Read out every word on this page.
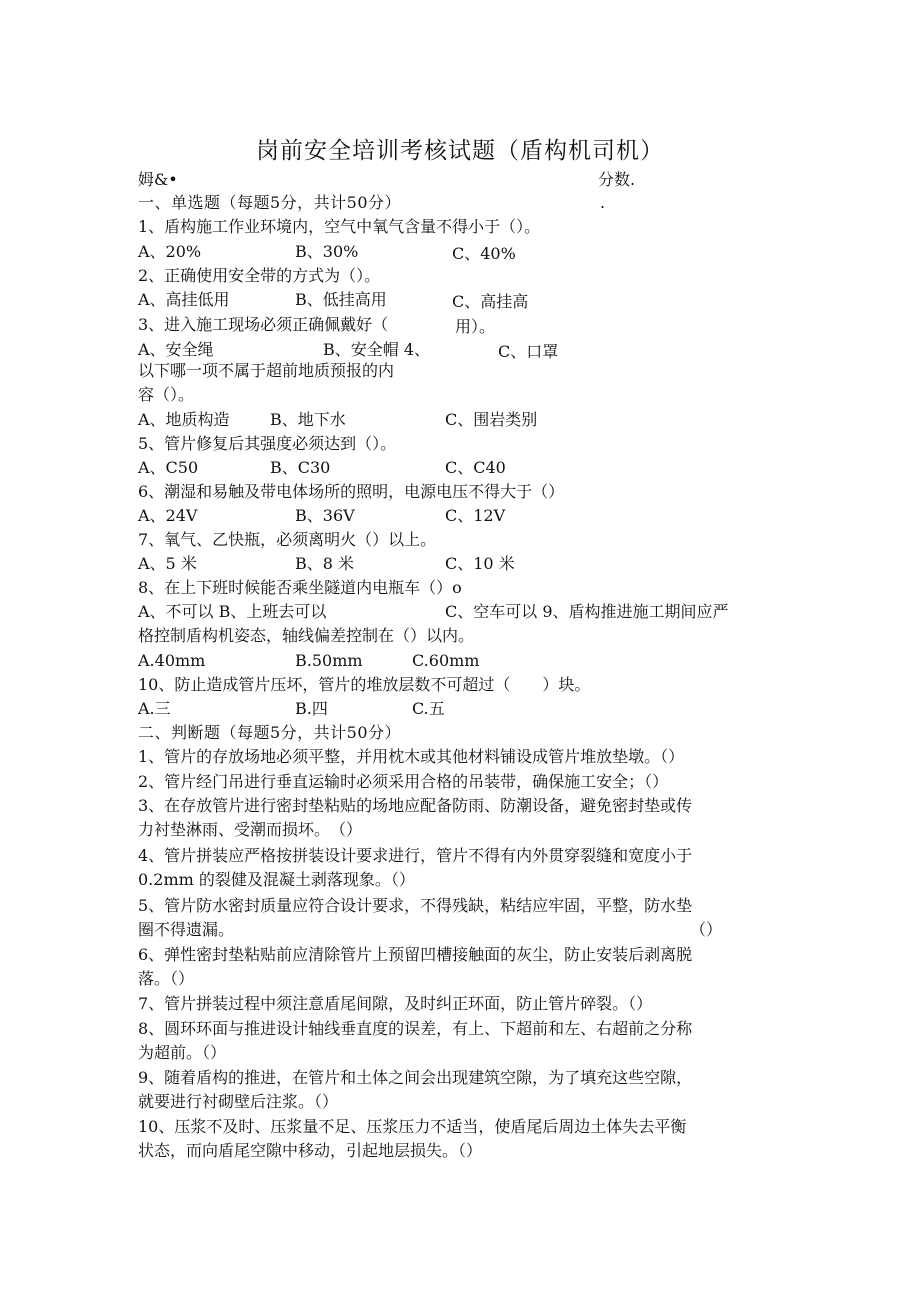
岗前安全培训考核试题（盾构机司机）
姆&•	分数.
一、单选题（每题5分，共计50分）	.
1、盾构施工作业环境内，空气中氧气含量不得小于（）。
A、20%	B、30%	C、40%
2、正确使用安全带的方式为（）。
A、高挂低用	B、低挂高用	C、高挂高
3、进入施工现场必须正确佩戴好（	用）。
A、安全绳	B、安全帽 4、	C、口罩
以下哪一项不属于超前地质预报的内
容（）。
A、地质构造	B、地下水	C、围岩类别
5、管片修复后其强度必须达到（）。
A、C50	B、C30	C、C40
6、潮湿和易触及带电体场所的照明，电源电压不得大于（）
A、24V	B、36V	C、12V
7、氧气、乙快瓶，必须离明火（）以上。
A、5 米	B、8 米	C、10 米
8、在上下班时候能否乘坐隧道内电瓶车（）o
A、不可以 B、上班去可以	C、空车可以 9、盾构推进施工期间应严
格控制盾构机姿态，轴线偏差控制在（）以内。
A.40mm	B.50mm	C.60mm
10、防止造成管片压坏，管片的堆放层数不可超过（　　）块。
A.三	B.四	C.五
二、判断题（每题5分，共计50分）
1、管片的存放场地必须平整，并用枕木或其他材料铺设成管片堆放垫墩。（）
2、管片经门吊进行垂直运输时必须采用合格的吊装带，确保施工安全；（）
3、在存放管片进行密封垫粘贴的场地应配备防雨、防潮设备，避免密封垫或传
力衬垫淋雨、受潮而损坏。　（）
4、管片拼装应严格按拼装设计要求进行，管片不得有内外贯穿裂缝和宽度小于
0.2mm 的裂健及混凝土剥落现象。（）
5、管片防水密封质量应符合设计要求，不得残缺，粘结应牢固，平整，防水垫
圈不得遗漏。	（）
6、弹性密封垫粘贴前应清除管片上预留凹槽接触面的灰尘，防止安装后剥离脱
落。（）
7、管片拼装过程中须注意盾尾间隙，及时纠正环面，防止管片碎裂。（）
8、圆环环面与推进设计轴线垂直度的误差，有上、下超前和左、右超前之分称
为超前。（）
9、随着盾构的推进，在管片和土体之间会出现建筑空隙，为了填充这些空隙，
就要进行衬砌壁后注浆。（）
10、压浆不及时、压浆量不足、压浆压力不适当，使盾尾后周边土体失去平衡
状态，而向盾尾空隙中移动，引起地层损失。（）
